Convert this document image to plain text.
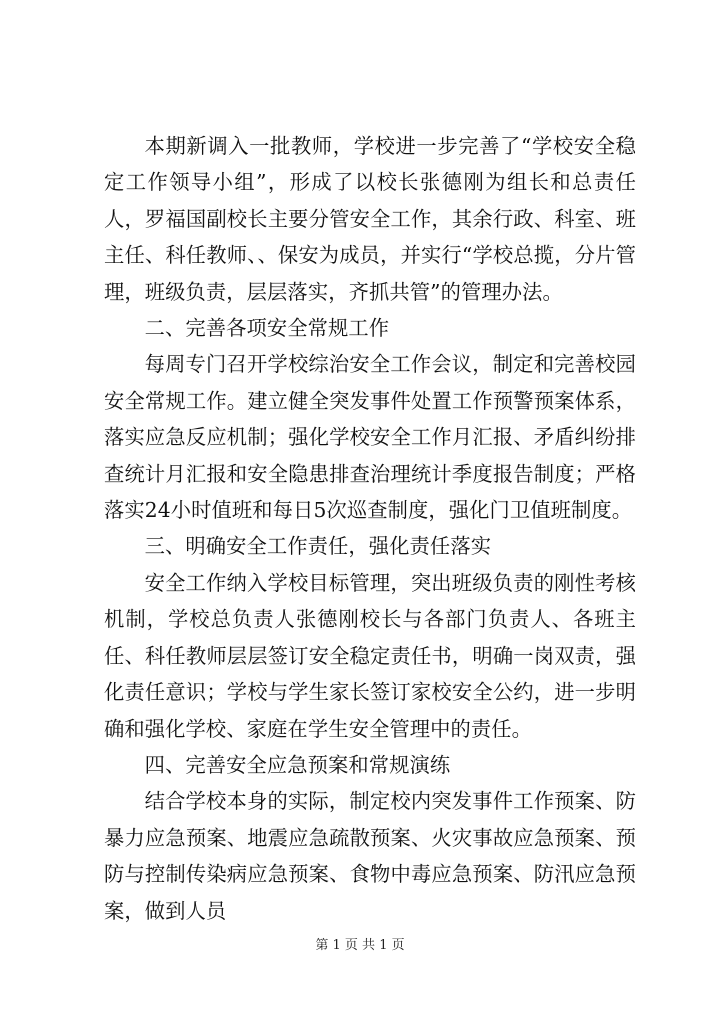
本期新调入一批教师，学校进一步完善了“学校安全稳定工作领导小组”，形成了以校长张德刚为组长和总责任人，罗福国副校长主要分管安全工作，其余行政、科室、班主任、科任教师、、保安为成员，并实行“学校总揽，分片管理，班级负责，层层落实，齐抓共管”的管理办法。

二、完善各项安全常规工作

每周专门召开学校综治安全工作会议，制定和完善校园安全常规工作。建立健全突发事件处置工作预警预案体系，落实应急反应机制；强化学校安全工作月汇报、矛盾纠纷排查统计月汇报和安全隐患排查治理统计季度报告制度；严格落实24小时值班和每日5次巡查制度，强化门卫值班制度。

三、明确安全工作责任，强化责任落实

安全工作纳入学校目标管理，突出班级负责的刚性考核机制，学校总负责人张德刚校长与各部门负责人、各班主任、科任教师层层签订安全稳定责任书，明确一岗双责，强化责任意识；学校与学生家长签订家校安全公约，进一步明确和强化学校、家庭在学生安全管理中的责任。

四、完善安全应急预案和常规演练

结合学校本身的实际，制定校内突发事件工作预案、防暴力应急预案、地震应急疏散预案、火灾事故应急预案、预防与控制传染病应急预案、食物中毒应急预案、防汛应急预案，做到人员

第 1 页 共 1 页
